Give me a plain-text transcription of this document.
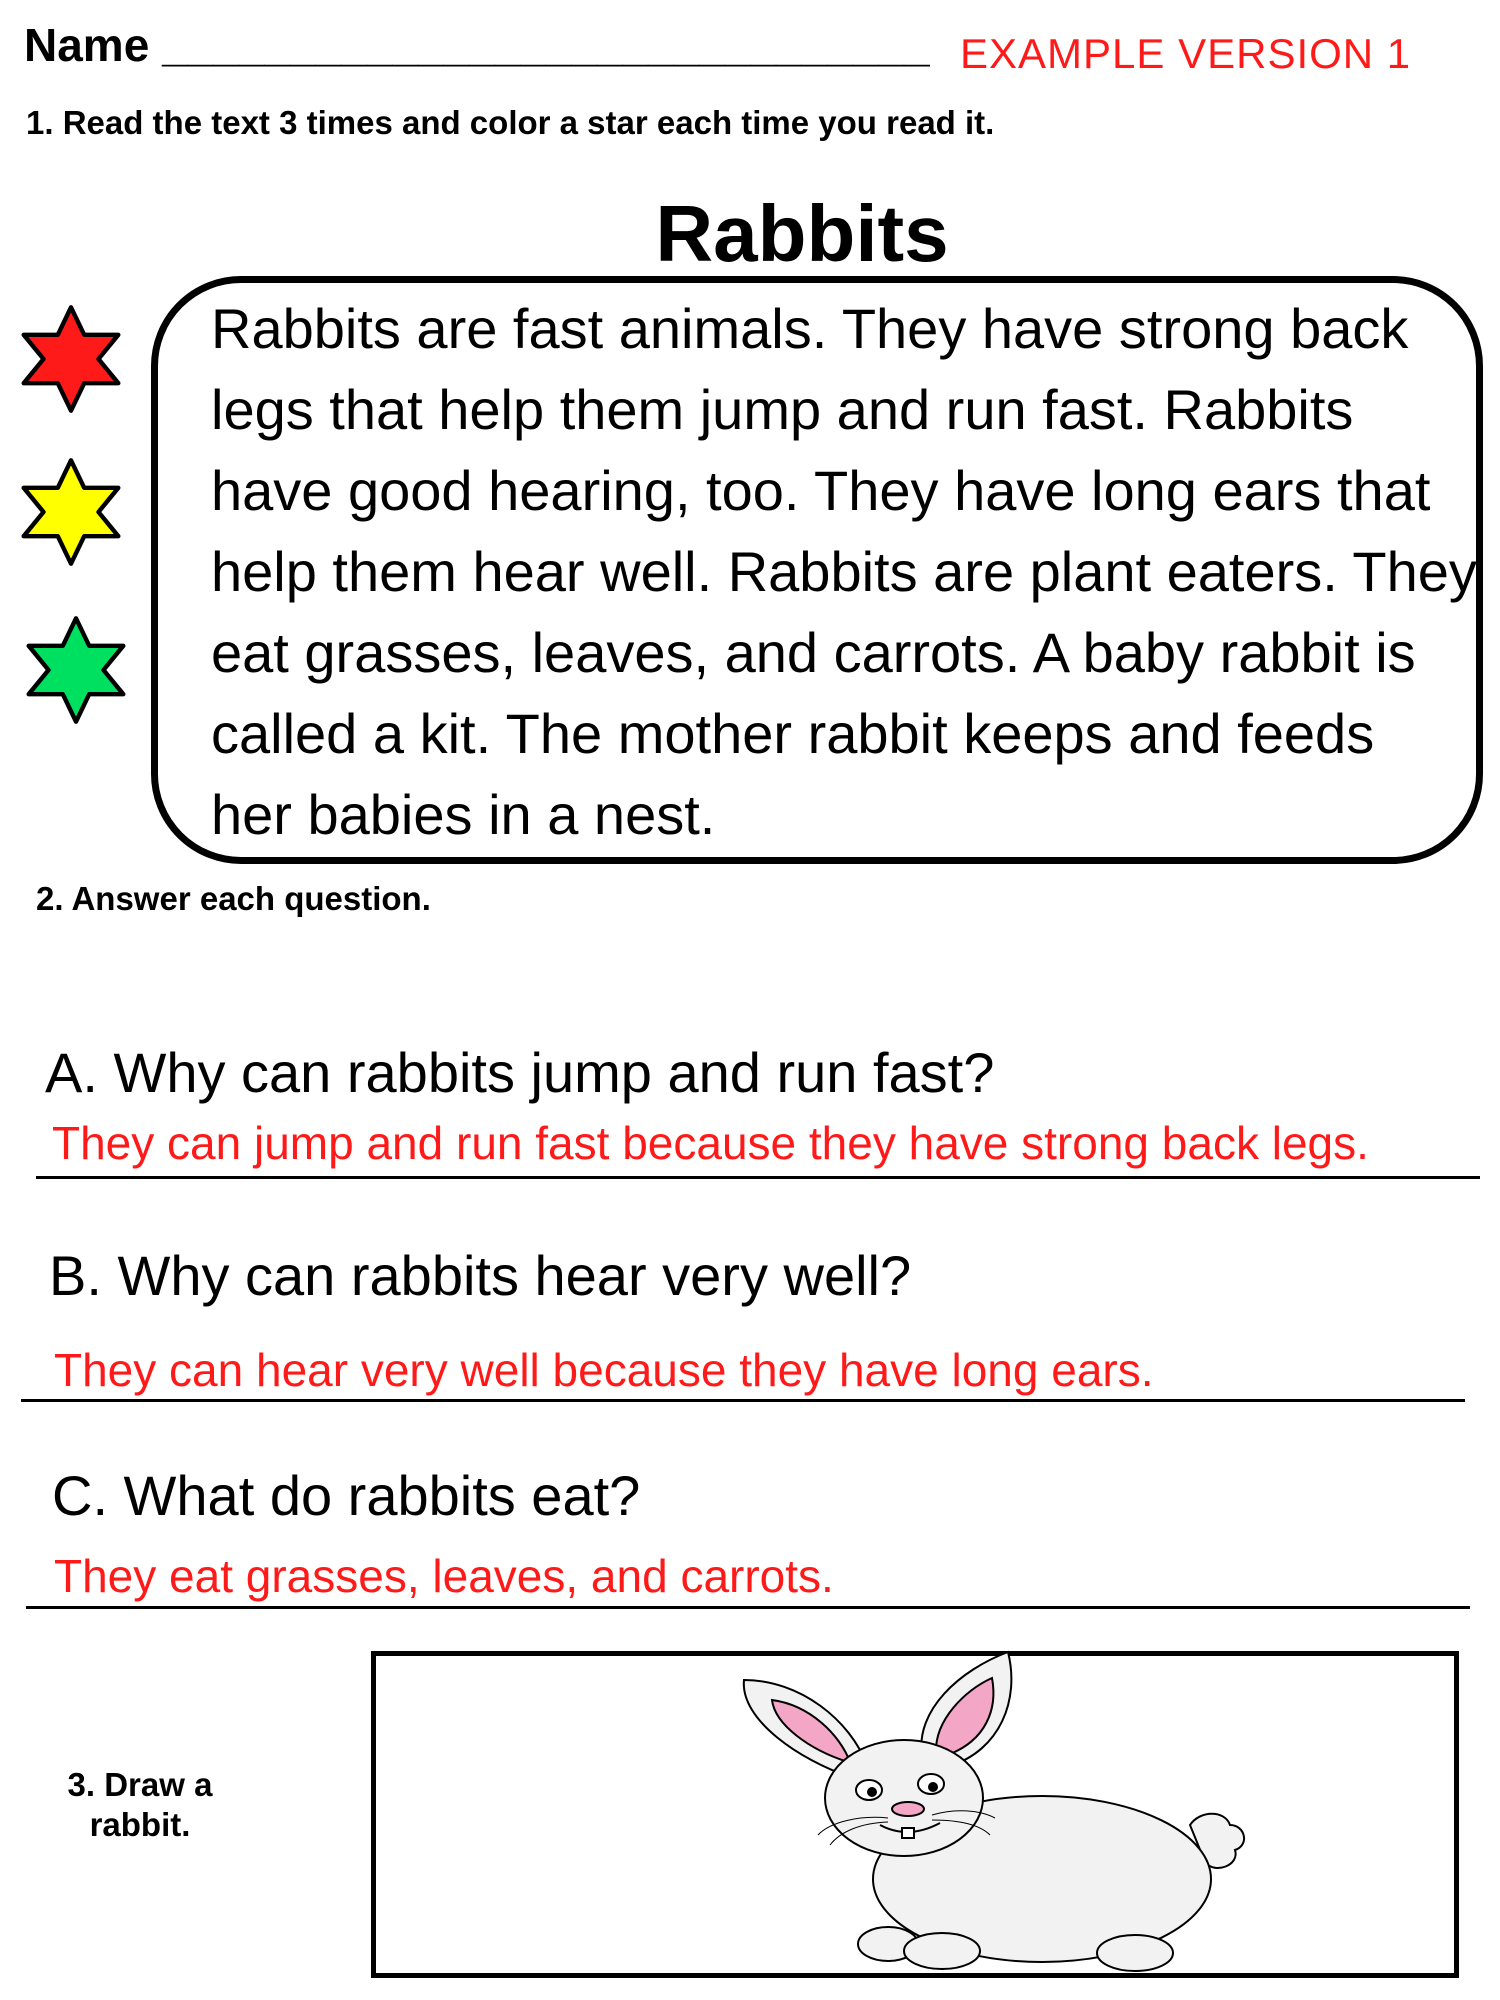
Name ______________________________ EXAMPLE VERSION 1
1. Read the text 3 times and color a star each time you read it.
Rabbits
Rabbits are fast animals. They have strong back
legs that help them jump and run fast. Rabbits
have good hearing, too. They have long ears that
help them hear well. Rabbits are plant eaters. They
eat grasses, leaves, and carrots. A baby rabbit is
called a kit. The mother rabbit keeps and feeds
her babies in a nest.
2. Answer each question.
A. Why can rabbits jump and run fast?
They can jump and run fast because they have strong back legs.
B. Why can rabbits hear very well?
They can hear very well because they have long ears.
C. What do rabbits eat?
They eat grasses, leaves, and carrots.
3. Draw a rabbit.
